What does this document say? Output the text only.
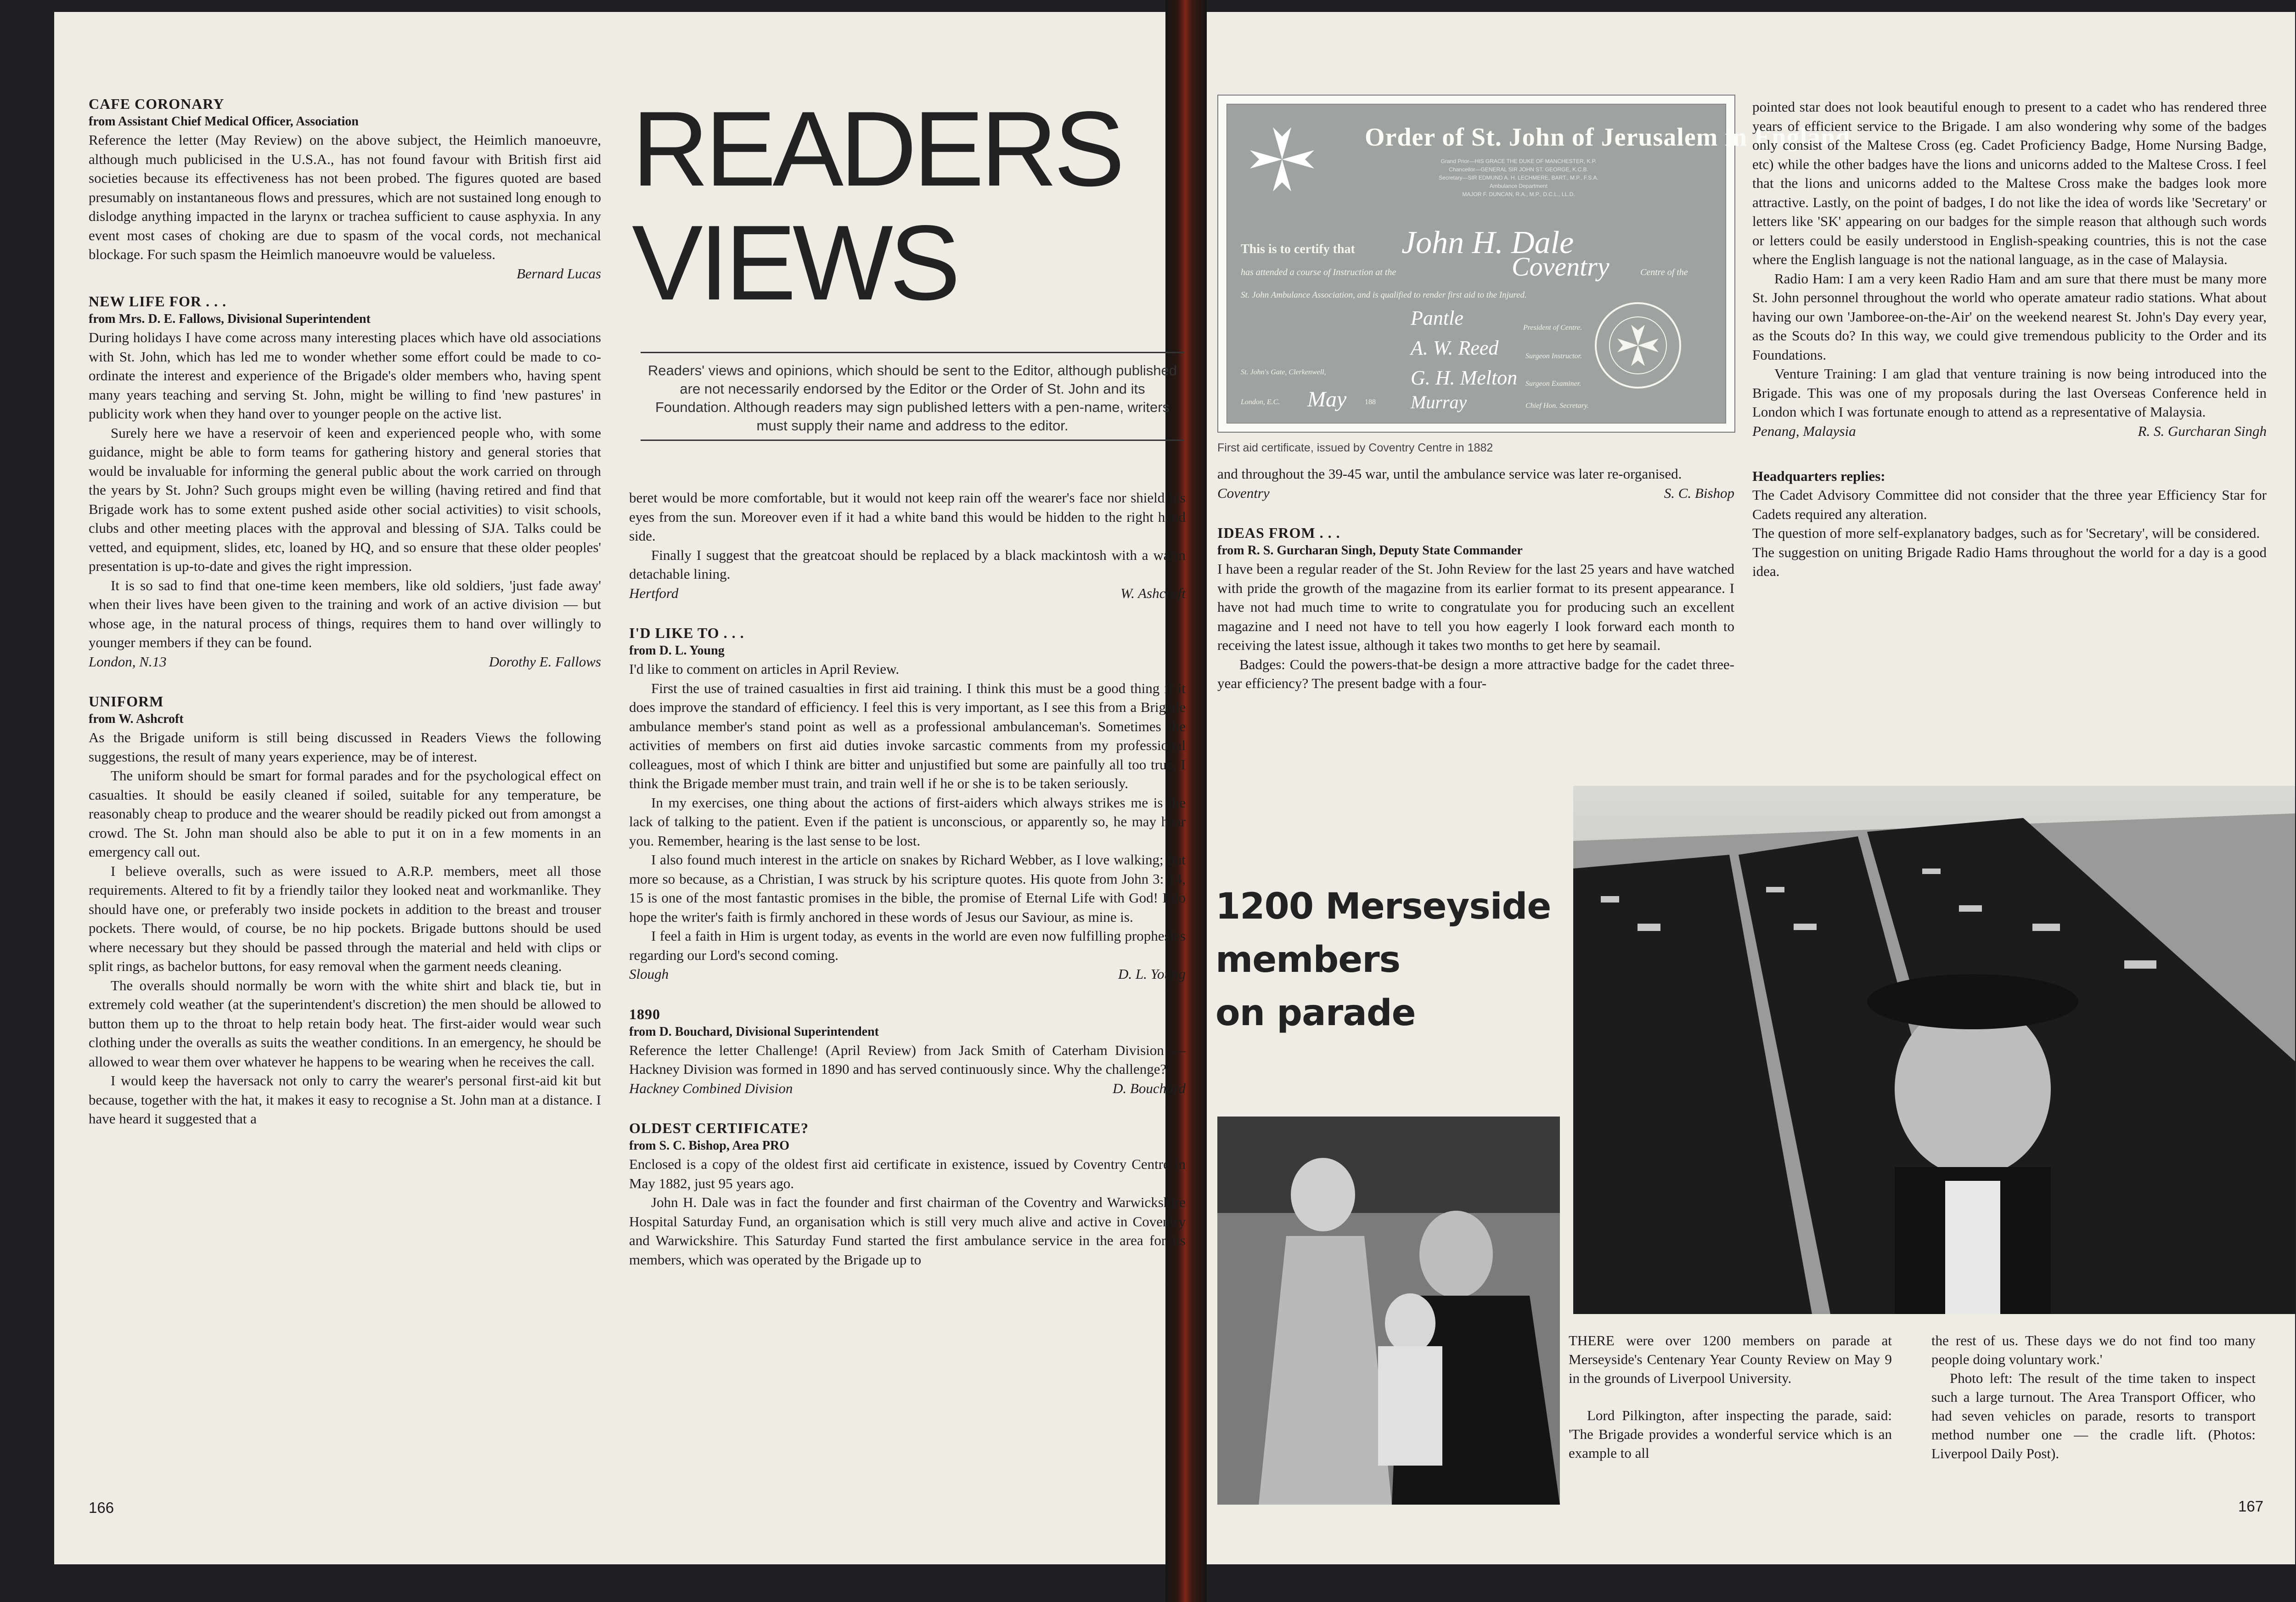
CAFE CORONARY

from Assistant Chief Medical Officer, Association

Reference the letter (May Review) on the above subject, the Heimlich manoeuvre, although much publicised in the U.S.A., has not found favour with British first aid societies because its effectiveness has not been probed. The figures quoted are based presumably on instantaneous flows and pressures, which are not sustained long enough to dislodge anything impacted in the larynx or trachea sufficient to cause asphyxia. In any event most cases of choking are due to spasm of the vocal cords, not mechanical blockage. For such spasm the Heimlich manoeuvre would be valueless.

Bernard Lucas

NEW LIFE FOR . . .

from Mrs. D. E. Fallows, Divisional Superintendent

During holidays I have come across many interesting places which have old associations with St. John, which has led me to wonder whether some effort could be made to co-ordinate the interest and experience of the Brigade's older members who, having spent many years teaching and serving St. John, might be willing to find 'new pastures' in publicity work when they hand over to younger people on the active list.

Surely here we have a reservoir of keen and experienced people who, with some guidance, might be able to form teams for gathering history and general stories that would be invaluable for informing the general public about the work carried on through the years by St. John? Such groups might even be willing (having retired and find that Brigade work has to some extent pushed aside other social activities) to visit schools, clubs and other meeting places with the approval and blessing of SJA. Talks could be vetted, and equipment, slides, etc, loaned by HQ, and so ensure that these older peoples' presentation is up-to-date and gives the right impression.

It is so sad to find that one-time keen members, like old soldiers, 'just fade away' when their lives have been given to the training and work of an active division — but whose age, in the natural process of things, requires them to hand over willingly to younger members if they can be found.

London, N.13	Dorothy E. Fallows

UNIFORM

from W. Ashcroft

As the Brigade uniform is still being discussed in Readers Views the following suggestions, the result of many years experience, may be of interest.

The uniform should be smart for formal parades and for the psychological effect on casualties. It should be easily cleaned if soiled, suitable for any temperature, be reasonably cheap to produce and the wearer should be readily picked out from amongst a crowd. The St. John man should also be able to put it on in a few moments in an emergency call out.

I believe overalls, such as were issued to A.R.P. members, meet all those requirements. Altered to fit by a friendly tailor they looked neat and workmanlike. They should have one, or preferably two inside pockets in addition to the breast and trouser pockets. There would, of course, be no hip pockets. Brigade buttons should be used where necessary but they should be passed through the material and held with clips or split rings, as bachelor buttons, for easy removal when the garment needs cleaning.

The overalls should normally be worn with the white shirt and black tie, but in extremely cold weather (at the superintendent's discretion) the men should be allowed to button them up to the throat to help retain body heat. The first-aider would wear such clothing under the overalls as suits the weather conditions. In an emergency, he should be allowed to wear them over whatever he happens to be wearing when he receives the call.

I would keep the haversack not only to carry the wearer's personal first-aid kit but because, together with the hat, it makes it easy to recognise a St. John man at a distance. I have heard it suggested that a

READERS
VIEWS
Readers' views and opinions, which should be sent to the Editor, although published are not necessarily endorsed by the Editor or the Order of St. John and its Foundation. Although readers may sign published letters with a pen-name, writers must supply their name and address to the editor.

beret would be more comfortable, but it would not keep rain off the wearer's face nor shield his eyes from the sun. Moreover even if it had a white band this would be hidden to the right hand side.

Finally I suggest that the greatcoat should be replaced by a black mackintosh with a warm detachable lining.

Hertford	W. Ashcroft

I'D LIKE TO . . .

from D. L. Young

I'd like to comment on articles in April Review.

First the use of trained casualties in first aid training. I think this must be a good thing if it does improve the standard of efficiency. I feel this is very important, as I see this from a Brigade ambulance member's stand point as well as a professional ambulanceman's. Sometimes the activities of members on first aid duties invoke sarcastic comments from my professional colleagues, most of which I think are bitter and unjustified but some are painfully all too true. I think the Brigade member must train, and train well if he or she is to be taken seriously.

In my exercises, one thing about the actions of first-aiders which always strikes me is the lack of talking to the patient. Even if the patient is unconscious, or apparently so, he may hear you. Remember, hearing is the last sense to be lost.

I also found much interest in the article on snakes by Richard Webber, as I love walking; but more so because, as a Christian, I was struck by his scripture quotes. His quote from John 3: 14, 15 is one of the most fantastic promises in the bible, the promise of Eternal Life with God! I do hope the writer's faith is firmly anchored in these words of Jesus our Saviour, as mine is.

I feel a faith in Him is urgent today, as events in the world are even now fulfilling prophesies regarding our Lord's second coming.

Slough	D. L. Young

1890

from D. Bouchard, Divisional Superintendent

Reference the letter Challenge! (April Review) from Jack Smith of Caterham Division — Hackney Division was formed in 1890 and has served continuously since. Why the challenge?

Hackney Combined Division	D. Bouchard

OLDEST CERTIFICATE?

from S. C. Bishop, Area PRO

Enclosed is a copy of the oldest first aid certificate in existence, issued by Coventry Centre in May 1882, just 95 years ago.

John H. Dale was in fact the founder and first chairman of the Coventry and Warwickshire Hospital Saturday Fund, an organisation which is still very much alive and active in Coventry and Warwickshire. This Saturday Fund started the first ambulance service in the area for its members, which was operated by the Brigade up to

166
Order of St. John of Jerusalem in England.
Grand Prior—HIS GRACE THE DUKE OF MANCHESTER, K.P.
Chancellor—GENERAL SIR JOHN ST. GEORGE, K.C.B.
Secretary—SIR EDMUND A. H. LECHMERE, BART., M.P., F.S.A.
Ambulance Department
MAJOR F. DUNCAN, R.A., M.P., D.C.L., LL.D.
This is to certify that John H. Dale
has attended a course of Instruction at the	Coventry	Centre of the
St. John Ambulance Association, and is qualified to render first aid to the Injured.
Pantle	President of Centre.
A. W. Reed	Surgeon Instructor.
St. John's Gate, Clerkenwell,	G. H. Melton Surgeon Examiner.
London, E.C. May 188 Murray	Chief Hon. Secretary.
First aid certificate, issued by Coventry Centre in 1882

and throughout the 39-45 war, until the ambulance service was later re-organised.

Coventry	S. C. Bishop

IDEAS FROM . . .

from R. S. Gurcharan Singh, Deputy State Commander

I have been a regular reader of the St. John Review for the last 25 years and have watched with pride the growth of the magazine from its earlier format to its present appearance. I have not had much time to write to congratulate you for producing such an excellent magazine and I need not have to tell you how eagerly I look forward each month to receiving the latest issue, although it takes two months to get here by seamail.

Badges: Could the powers-that-be design a more attractive badge for the cadet three-year efficiency? The present badge with a four-

pointed star does not look beautiful enough to present to a cadet who has rendered three years of efficient service to the Brigade. I am also wondering why some of the badges only consist of the Maltese Cross (eg. Cadet Proficiency Badge, Home Nursing Badge, etc) while the other badges have the lions and unicorns added to the Maltese Cross. I feel that the lions and unicorns added to the Maltese Cross make the badges look more attractive. Lastly, on the point of badges, I do not like the idea of words like 'Secretary' or letters like 'SK' appearing on our badges for the simple reason that although such words or letters could be easily understood in English-speaking countries, this is not the case where the English language is not the national language, as in the case of Malaysia.

Radio Ham: I am a very keen Radio Ham and am sure that there must be many more St. John personnel throughout the world who operate amateur radio stations. What about having our own 'Jamboree-on-the-Air' on the weekend nearest St. John's Day every year, as the Scouts do? In this way, we could give tremendous publicity to the Order and its Foundations.

Venture Training: I am glad that venture training is now being introduced into the Brigade. This was one of my proposals during the last Overseas Conference held in London which I was fortunate enough to attend as a representative of Malaysia.

Penang, Malaysia	R. S. Gurcharan Singh

Headquarters replies:

The Cadet Advisory Committee did not consider that the three year Efficiency Star for Cadets required any alteration.

The question of more self-explanatory badges, such as for 'Secretary', will be considered.

The suggestion on uniting Brigade Radio Hams throughout the world for a day is a good idea.

1200 Merseyside
members
on parade

THERE were over 1200 members on parade at Merseyside's Centenary Year County Review on May 9 in the grounds of Liverpool University.

Lord Pilkington, after inspecting the parade, said: 'The Brigade provides a wonderful service which is an example to all

the rest of us. These days we do not find too many people doing voluntary work.'

Photo left: The result of the time taken to inspect such a large turnout. The Area Transport Officer, who had seven vehicles on parade, resorts to transport method number one — the cradle lift. (Photos: Liverpool Daily Post).

167
